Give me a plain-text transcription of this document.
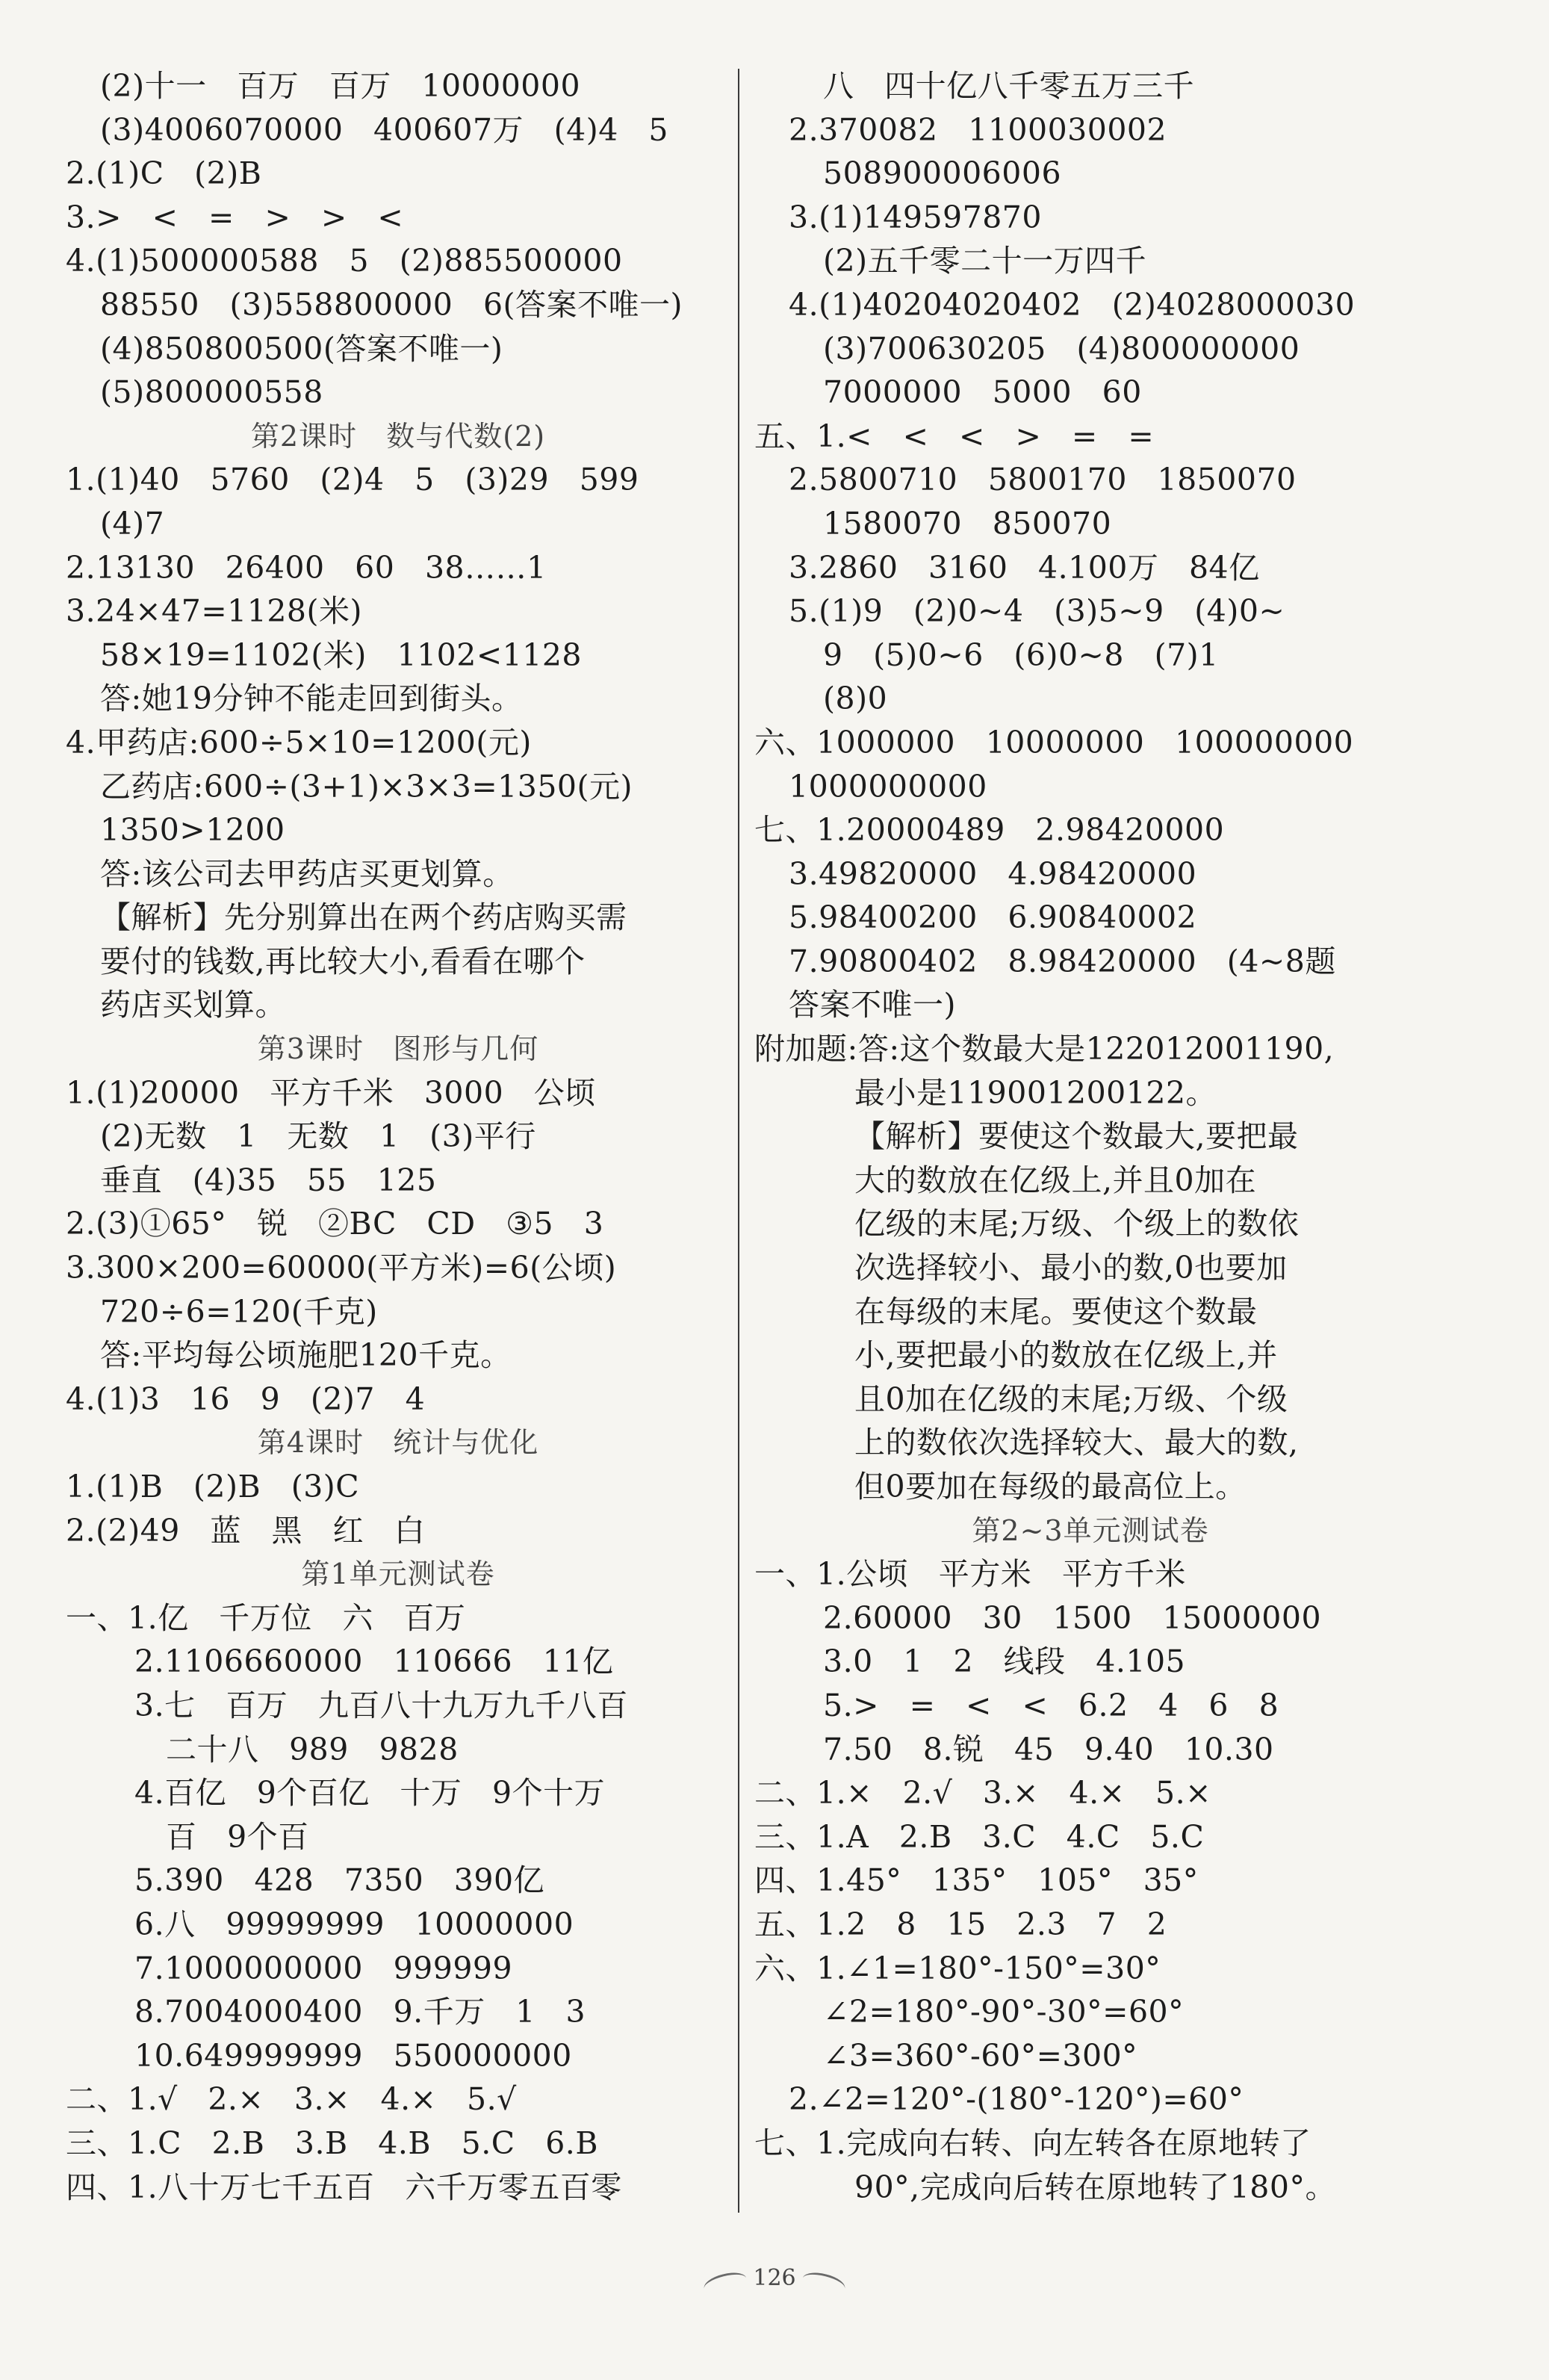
(2)十一   百万   百万   10000000
(3)4006070000   400607万   (4)4   5
2.(1)C   (2)B
3.>   <   =   >   >   <
4.(1)500000588   5   (2)885500000
88550   (3)558800000   6(答案不唯一)
(4)850800500(答案不唯一)
(5)800000558
第2课时   数与代数(2)
1.(1)40   5760   (2)4   5   (3)29   599
(4)7
2.13130   26400   60   38……1
3.24×47=1128(米)
58×19=1102(米)   1102<1128
答:她19分钟不能走回到街头。
4.甲药店:600÷5×10=1200(元)
乙药店:600÷(3+1)×3×3=1350(元)
1350>1200
答:该公司去甲药店买更划算。
【解析】先分别算出在两个药店购买需
要付的钱数,再比较大小,看看在哪个
药店买划算。
第3课时   图形与几何
1.(1)20000   平方千米   3000   公顷
(2)无数   1   无数   1   (3)平行
垂直   (4)35   55   125
2.(3)①65°   锐   ②BC   CD   ③5   3
3.300×200=60000(平方米)=6(公顷)
720÷6=120(千克)
答:平均每公顷施肥120千克。
4.(1)3   16   9   (2)7   4
第4课时   统计与优化
1.(1)B   (2)B   (3)C
2.(2)49   蓝   黑   红   白
第1单元测试卷
一、1.亿   千万位   六   百万
2.1106660000   110666   11亿
3.七   百万   九百八十九万九千八百
二十八   989   9828
4.百亿   9个百亿   十万   9个十万
百   9个百
5.390   428   7350   390亿
6.八   99999999   10000000
7.1000000000   999999
8.7004000400   9.千万   1   3
10.649999999   550000000
二、1.√   2.×   3.×   4.×   5.√
三、1.C   2.B   3.B   4.B   5.C   6.B
四、1.八十万七千五百   六千万零五百零
八   四十亿八千零五万三千
2.370082   1100030002
508900006006
3.(1)149597870
(2)五千零二十一万四千
4.(1)40204020402   (2)4028000030
(3)700630205   (4)800000000
7000000   5000   60
五、1.<   <   <   >   =   =
2.5800710   5800170   1850070
1580070   850070
3.2860   3160   4.100万   84亿
5.(1)9   (2)0~4   (3)5~9   (4)0~
9   (5)0~6   (6)0~8   (7)1
(8)0
六、1000000   10000000   100000000
1000000000
七、1.20000489   2.98420000
3.49820000   4.98420000
5.98400200   6.90840002
7.90800402   8.98420000   (4~8题
答案不唯一)
附加题:答:这个数最大是122012001190,
最小是119001200122。
【解析】要使这个数最大,要把最
大的数放在亿级上,并且0加在
亿级的末尾;万级、个级上的数依
次选择较小、最小的数,0也要加
在每级的末尾。要使这个数最
小,要把最小的数放在亿级上,并
且0加在亿级的末尾;万级、个级
上的数依次选择较大、最大的数,
但0要加在每级的最高位上。
第2~3单元测试卷
一、1.公顷   平方米   平方千米
2.60000   30   1500   15000000
3.0   1   2   线段   4.105
5.>   =   <   <   6.2   4   6   8
7.50   8.锐   45   9.40   10.30
二、1.×   2.√   3.×   4.×   5.×
三、1.A   2.B   3.C   4.C   5.C
四、1.45°   135°   105°   35°
五、1.2   8   15   2.3   7   2
六、1.∠1=180°-150°=30°
∠2=180°-90°-30°=60°
∠3=360°-60°=300°
2.∠2=120°-(180°-120°)=60°
七、1.完成向右转、向左转各在原地转了
90°,完成向后转在原地转了180°。
126
